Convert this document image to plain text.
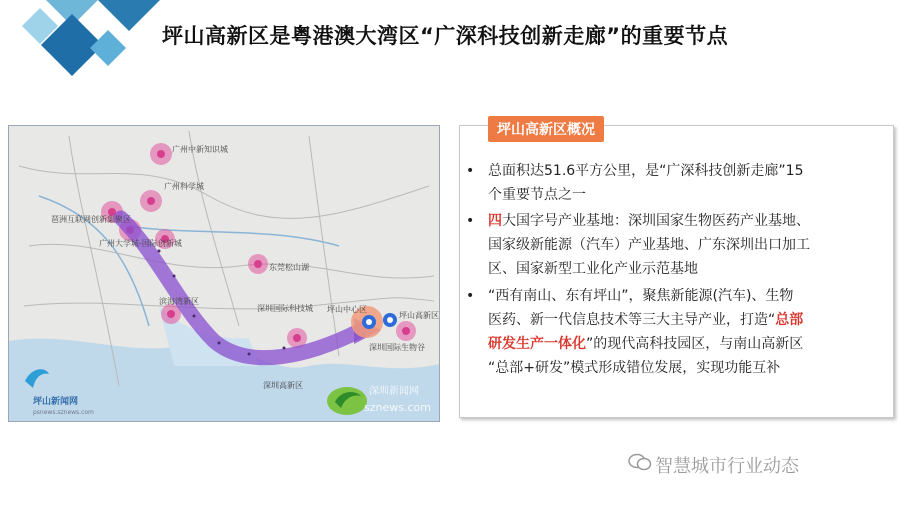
坪山高新区是粤港澳大湾区“广深科技创新走廊”的重要节点
广州中新知识城
广州科学城
琶洲互联网创新集聚区
广州大学城-国际创新城
东莞松山湖
滨海湾新区
深圳国际科技城 坪山中心区
坪山高新区
深圳国际生物谷
深圳高新区
坪山新闻网
psnews.sznews.com
深圳新闻网
sznews.com
坪山高新区概况
• 总面积达51.6平方公里，是“广深科技创新走廊”15
个重要节点之一
• 四大国字号产业基地：深圳国家生物医药产业基地、
国家级新能源（汽车）产业基地、广东深圳出口加工
区、国家新型工业化产业示范基地
• “西有南山、东有坪山”，聚焦新能源(汽车)、生物
医药、新一代信息技术等三大主导产业，打造“总部
研发生产一体化”的现代高科技园区，与南山高新区
“总部+研发”模式形成错位发展，实现功能互补
智慧城市行业动态
